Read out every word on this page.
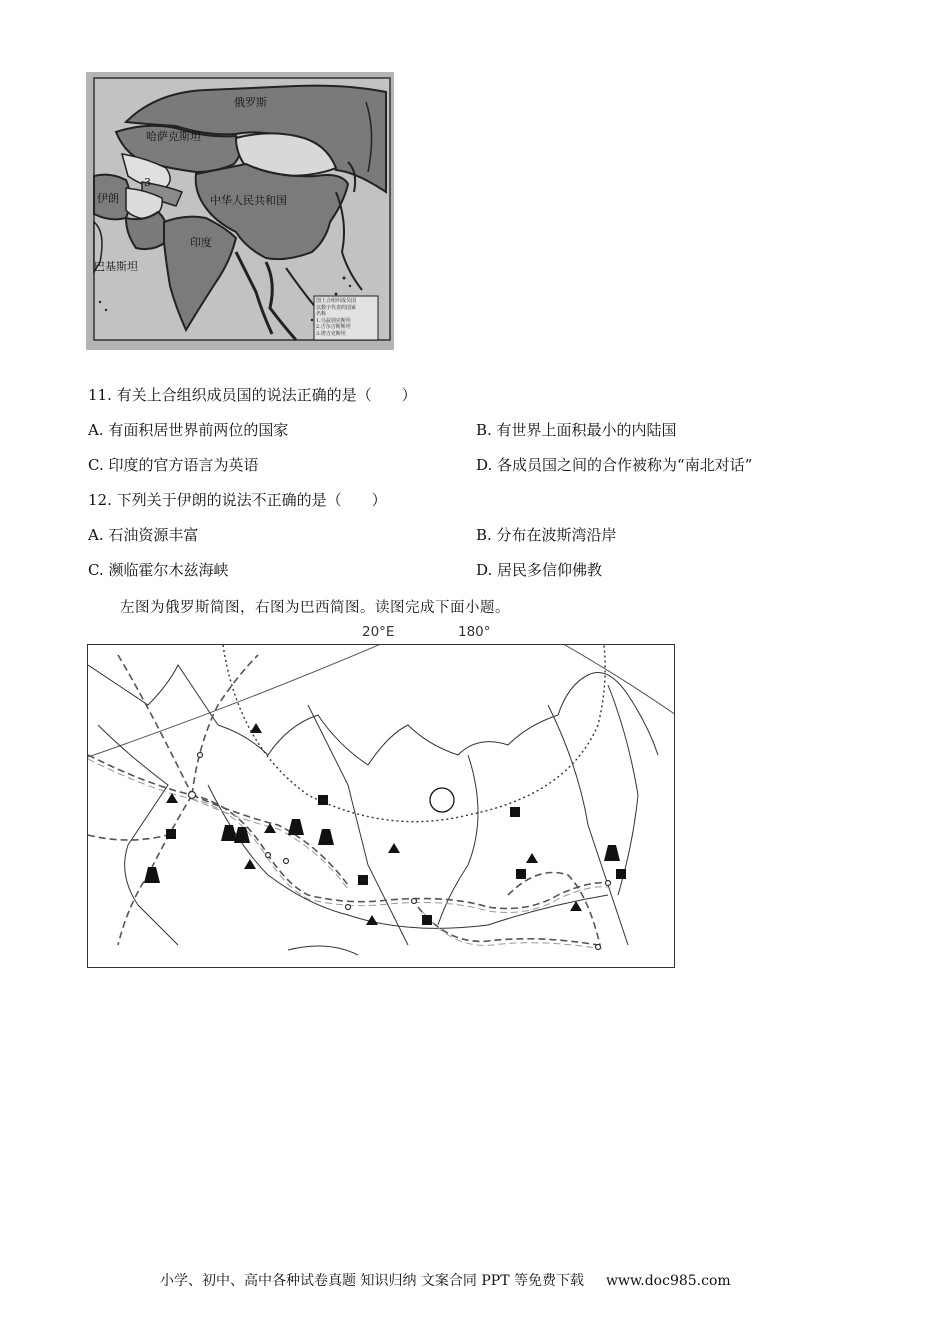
俄罗斯
哈萨克斯坦
中华人民共和国
伊朗
印度
巴基斯坦
3
图上合组织成员国
以数字代表的国家
名称
1.乌兹别克斯坦
2.吉尔吉斯斯坦
3.塔吉克斯坦
11. 有关上合组织成员国的说法正确的是（　　）
A. 有面积居世界前两位的国家	B. 有世界上面积最小的内陆国
C. 印度的官方语言为英语	D. 各成员国之间的合作被称为“南北对话”
12. 下列关于伊朗的说法不正确的是（　　）
A. 石油资源丰富	B. 分布在波斯湾沿岸
C. 濒临霍尔木兹海峡	D. 居民多信仰佛教
左图为俄罗斯简图，右图为巴西简图。读图完成下面小题。
20°E	180°
小学、初中、高中各种试卷真题 知识归纳 文案合同 PPT 等免费下载 www.doc985.com
